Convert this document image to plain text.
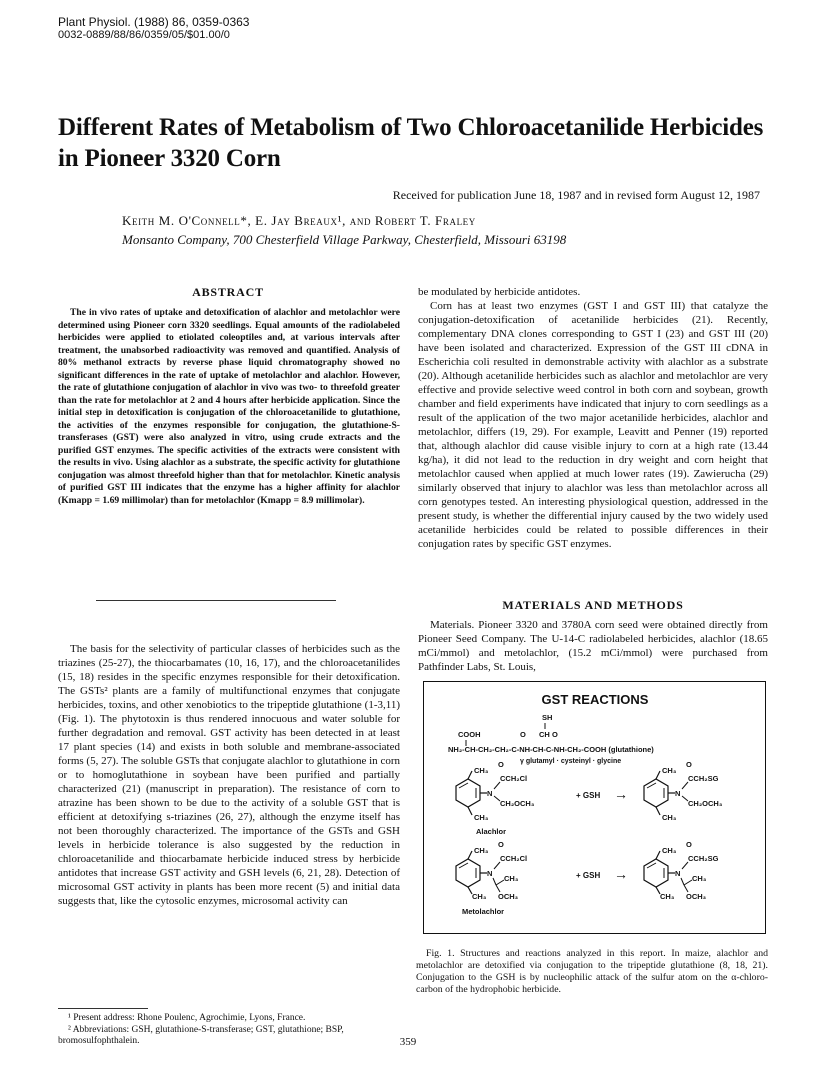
Plant Physiol. (1988) 86, 0359-0363
0032-0889/88/86/0359/05/$01.00/0
Different Rates of Metabolism of Two Chloroacetanilide Herbicides in Pioneer 3320 Corn
Received for publication June 18, 1987 and in revised form August 12, 1987
Keith M. O'Connell*, E. Jay Breaux¹, and Robert T. Fraley
Monsanto Company, 700 Chesterfield Village Parkway, Chesterfield, Missouri 63198
ABSTRACT

The in vivo rates of uptake and detoxification of alachlor and metolachlor were determined using Pioneer corn 3320 seedlings. Equal amounts of the radiolabeled herbicides were applied to etiolated coleoptiles and, at various intervals after treatment, the unabsorbed radioactivity was removed and quantified. Analysis of 80% methanol extracts by reverse phase liquid chromatography showed no significant differences in the rate of uptake of metolachlor and alachlor. However, the rate of glutathione conjugation of alachlor in vivo was two- to threefold greater than the rate for metolachlor at 2 and 4 hours after herbicide application. Since the initial step in detoxification is conjugation of the chloroacetanilide to glutathione, the activities of the enzymes responsible for conjugation, the glutathione-S-transferases (GST) were also analyzed in vitro, using crude extracts and the purified GST enzymes. The specific activities of the extracts were consistent with the results in vivo. Using alachlor as a substrate, the specific activity for glutathione conjugation was almost threefold higher than that for metolachlor. Kinetic analysis of purified GST III indicates that the enzyme has a higher affinity for alachlor (Kmapp = 1.69 millimolar) than for metolachlor (Kmapp = 8.9 millimolar).

The basis for the selectivity of particular classes of herbicides such as the triazines (25-27), the thiocarbamates (10, 16, 17), and the chloroacetanilides (15, 18) resides in the specific enzymes responsible for their detoxification. The GSTs² plants are a family of multifunctional enzymes that conjugate herbicides, toxins, and other xenobiotics to the tripeptide glutathione (1-3,11) (Fig. 1). The phytotoxin is thus rendered innocuous and water soluble for further degradation and removal. GST activity has been detected in at least 17 plant species (14) and exists in both soluble and membrane-associated forms (5, 27). The soluble GSTs that conjugate alachlor to glutathione in corn or to homoglutathione in soybean have been purified and partially characterized (21) (manuscript in preparation). The resistance of corn to atrazine has been shown to be due to the activity of a soluble GST that is efficient at detoxifying s-triazines (26, 27), although the enzyme itself has not been thoroughly characterized. The importance of the GSTs and GSH levels in herbicide tolerance is also suggested by the reduction in chloroacetanilide and thiocarbamate herbicide induced stress by herbicide antidotes that increase GST activity and GSH levels (6, 21, 28). Detection of microsomal GST activity in plants has been more recent (5) and initial data suggests that, like the cytosolic enzymes, microsomal activity can

¹ Present address: Rhone Poulenc, Agrochimie, Lyons, France.

² Abbreviations: GSH, glutathione-S-transferase; GST, glutathione; BSP, bromosulfophthalein.	359

be modulated by herbicide antidotes.

Corn has at least two enzymes (GST I and GST III) that catalyze the conjugation-detoxification of acetanilide herbicides (21). Recently, complementary DNA clones corresponding to GST I (23) and GST III (20) have been isolated and characterized. Expression of the GST III cDNA in Escherichia coli resulted in demonstrable activity with alachlor as a substrate (20). Although acetanilide herbicides such as alachlor and metolachlor are very effective and provide selective weed control in both corn and soybean, growth chamber and field experiments have indicated that injury to corn seedlings as a result of the application of the two major acetanilide herbicides, alachlor and metolachlor, differs (19, 29). For example, Leavitt and Penner (19) reported that, although alachlor did cause visible injury to corn at a high rate (13.44 kg/ha), it did not lead to the reduction in dry weight and corn height that metolachlor caused when applied at much lower rates (19). Zawierucha (29) similarly observed that injury to alachlor was less than metolachlor across all corn genotypes tested. An interesting physiological question, addressed in the present study, is whether the differential injury caused by the two widely used acetanilide herbicides could be related to possible differences in their conjugation rates by specific GST enzymes.

MATERIALS AND METHODS

Materials. Pioneer 3320 and 3780A corn seed were obtained directly from Pioneer Seed Company. The U-14-C radiolabeled herbicides, alachlor (18.65 mCi/mmol) and metolachlor, (15.2 mCi/mmol) were purchased from Pathfinder Labs, St. Louis,

GST REACTIONS
SH
COOH	O CH O
NH₂-CH-CH₂-CH₂-C-NH-CH-C-NH-CH₂-COOH (glutathione)
γ glutamyl · cysteinyl · glycine
CH₃
N
O
CCH₂Cl
CH₂OCH₃
CH₃
Alachlor
+ GSH →
CH₃
N
O
CCH₂SG
CH₂OCH₃
CH₃
CH₃
N
O
CCH₂Cl
CH₃
OCH₃
CH₃
Metolachlor
+ GSH →
CH₃
N
O
CCH₂SG
CH₃
OCH₃
CH₃

Fig. 1. Structures and reactions analyzed in this report. In maize, alachlor and metolachlor are detoxified via conjugation to the tripeptide glutathione (8, 18, 21). Conjugation to the GSH is by nucleophilic attack of the sulfur atom on the α-chloro-carbon of the hydrophobic herbicide.
